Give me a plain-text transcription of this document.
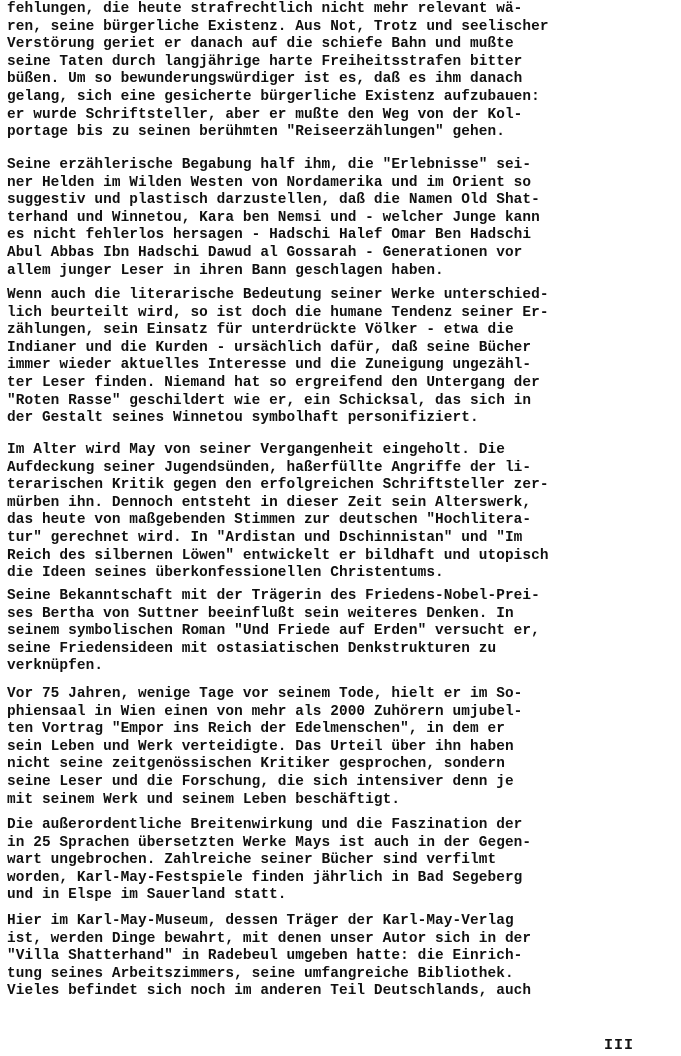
fehlungen, die heute strafrechtlich nicht mehr relevant wä-
ren, seine bürgerliche Existenz. Aus Not, Trotz und seelischer
Verstörung geriet er danach auf die schiefe Bahn und mußte
seine Taten durch langjährige harte Freiheitsstrafen bitter
büßen. Um so bewunderungswürdiger ist es, daß es ihm danach
gelang, sich eine gesicherte bürgerliche Existenz aufzubauen:
er wurde Schriftsteller, aber er mußte den Weg von der Kol-
portage bis zu seinen berühmten "Reiseerzählungen" gehen.
Seine erzählerische Begabung half ihm, die "Erlebnisse" sei-
ner Helden im Wilden Westen von Nordamerika und im Orient so
suggestiv und plastisch darzustellen, daß die Namen Old Shat-
terhand und Winnetou, Kara ben Nemsi und - welcher Junge kann
es nicht fehlerlos hersagen - Hadschi Halef Omar Ben Hadschi
Abul Abbas Ibn Hadschi Dawud al Gossarah - Generationen vor
allem junger Leser in ihren Bann geschlagen haben.
Wenn auch die literarische Bedeutung seiner Werke unterschied-
lich beurteilt wird, so ist doch die humane Tendenz seiner Er-
zählungen, sein Einsatz für unterdrückte Völker - etwa die
Indianer und die Kurden - ursächlich dafür, daß seine Bücher
immer wieder aktuelles Interesse und die Zuneigung ungezähl-
ter Leser finden. Niemand hat so ergreifend den Untergang der
"Roten Rasse" geschildert wie er, ein Schicksal, das sich in
der Gestalt seines Winnetou symbolhaft personifiziert.
Im Alter wird May von seiner Vergangenheit eingeholt. Die
Aufdeckung seiner Jugendsünden, haßerfüllte Angriffe der li-
terarischen Kritik gegen den erfolgreichen Schriftsteller zer-
mürben ihn. Dennoch entsteht in dieser Zeit sein Alterswerk,
das heute von maßgebenden Stimmen zur deutschen "Hochlitera-
tur" gerechnet wird. In "Ardistan und Dschinnistan" und "Im
Reich des silbernen Löwen" entwickelt er bildhaft und utopisch
die Ideen seines überkonfessionellen Christentums.
Seine Bekanntschaft mit der Trägerin des Friedens-Nobel-Prei-
ses Bertha von Suttner beeinflußt sein weiteres Denken. In
seinem symbolischen Roman "Und Friede auf Erden" versucht er,
seine Friedensideen mit ostasiatischen Denkstrukturen zu
verknüpfen.
Vor 75 Jahren, wenige Tage vor seinem Tode, hielt er im So-
phiensaal in Wien einen von mehr als 2000 Zuhörern umjubel-
ten Vortrag "Empor ins Reich der Edelmenschen", in dem er
sein Leben und Werk verteidigte. Das Urteil über ihn haben
nicht seine zeitgenössischen Kritiker gesprochen, sondern
seine Leser und die Forschung, die sich intensiver denn je
mit seinem Werk und seinem Leben beschäftigt.
Die außerordentliche Breitenwirkung und die Faszination der
in 25 Sprachen übersetzten Werke Mays ist auch in der Gegen-
wart ungebrochen. Zahlreiche seiner Bücher sind verfilmt
worden, Karl-May-Festspiele finden jährlich in Bad Segeberg
und in Elspe im Sauerland statt.
Hier im Karl-May-Museum, dessen Träger der Karl-May-Verlag
ist, werden Dinge bewahrt, mit denen unser Autor sich in der
"Villa Shatterhand" in Radebeul umgeben hatte: die Einrich-
tung seines Arbeitszimmers, seine umfangreiche Bibliothek.
Vieles befindet sich noch im anderen Teil Deutschlands, auch
III
